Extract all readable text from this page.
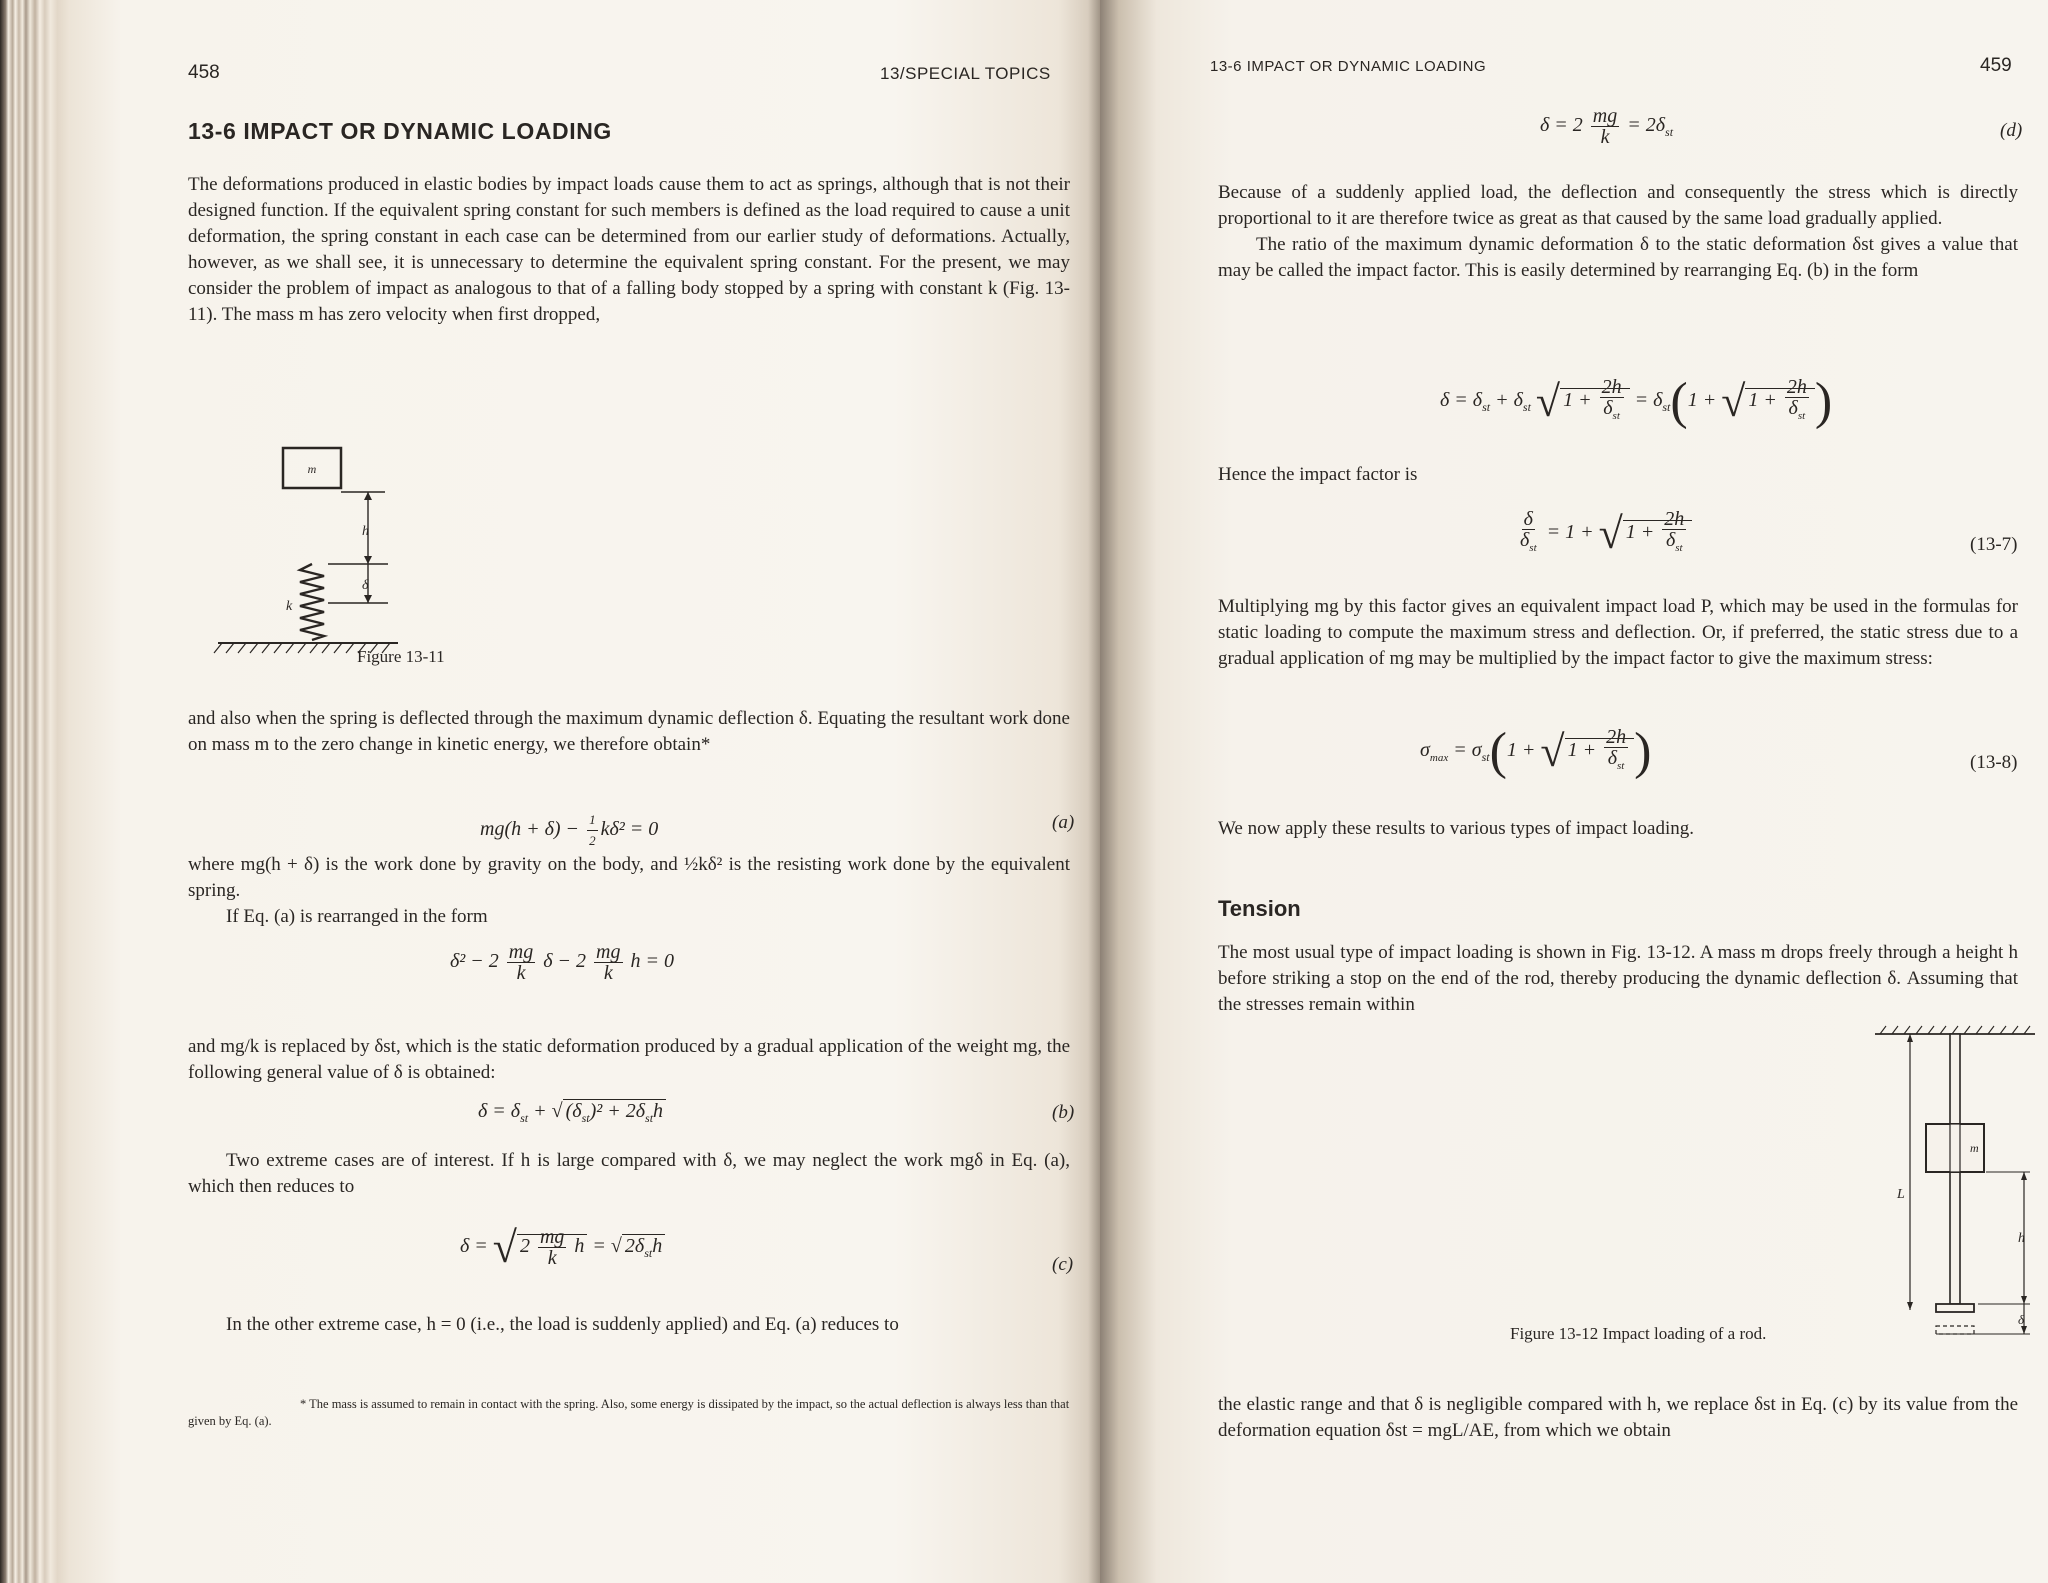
458	13/SPECIAL TOPICS
13-6 IMPACT OR DYNAMIC LOADING

The deformations produced in elastic bodies by impact loads cause them to act as springs, although that is not their designed function. If the equivalent spring constant for such members is defined as the load required to cause a unit deformation, the spring constant in each case can be determined from our earlier study of deformations. Actually, however, as we shall see, it is unnecessary to determine the equivalent spring constant. For the present, we may consider the problem of impact as analogous to that of a falling body stopped by a spring with constant k (Fig. 13-11). The mass m has zero velocity when first dropped,

m
h
δ
k
Figure 13-11

and also when the spring is deflected through the maximum dynamic deflection δ. Equating the resultant work done on mass m to the zero change in kinetic energy, we therefore obtain*

$mg(h + \delta) - \frac{1}{2} k\delta^2 = 0$	(a)

where mg(h + δ) is the work done by gravity on the body, and ½kδ² is the resisting work done by the equivalent spring.

If Eq. (a) is rearranged in the form

$\delta^2 - 2 \frac{mg}{k}$ $\delta - 2 \frac{mg}{k}$ h = 0

and mg/k is replaced by δst, which is the static deformation produced by a gradual application of the weight mg, the following general value of δ is obtained:

$\delta = \delta_{st}$ + √ $(\delta_{st})^2 + 2\delta_{st}h$	(b)

Two extreme cases are of interest. If h is large compared with δ, we may neglect the work mgδ in Eq. (a), which then reduces to

δ = √ $2 \frac{mg}{k}$ h = √ $2\delta_{st}h$
(c)

In the other extreme case, h = 0 (i.e., the load is suddenly applied) and Eq. (a) reduces to

* The mass is assumed to remain in contact with the spring. Also, some energy is dissipated by the impact, so the actual deflection is always less than that given by Eq. (a).
13-6 IMPACT OR DYNAMIC LOADING	459
$\delta = 2 \frac{mg}{k} = 2\delta_{st}$	(d)

Because of a suddenly applied load, the deflection and consequently the stress which is directly proportional to it are therefore twice as great as that caused by the same load gradually applied.

The ratio of the maximum dynamic deformation δ to the static deformation δst gives a value that may be called the impact factor. This is easily determined by rearranging Eq. (b) in the form

$\delta = \delta_{st} + \delta_{st}$ √ $1 + \frac{2h}{\delta_{st}} = \delta_{st}(1$ + √ $1 + \frac{2h}{\delta_{st}}$ )

Hence the impact factor is

$\frac{\delta}{\delta_{st}} = 1$ + √ $1 + \frac{2h}{\delta_{st}}$	(13-7)

Multiplying mg by this factor gives an equivalent impact load P, which may be used in the formulas for static loading to compute the maximum stress and deflection. Or, if preferred, the static stress due to a gradual application of mg may be multiplied by the impact factor to give the maximum stress:

$\sigma_{max} = \sigma_{st}(1$ + √ $1 + \frac{2h}{\delta_{st}}$ )	(13-8)

We now apply these results to various types of impact loading.

Tension

The most usual type of impact loading is shown in Fig. 13-12. A mass m drops freely through a height h before striking a stop on the end of the rod, thereby producing the dynamic deflection δ. Assuming that the stresses remain within

m
L
h
δ
Figure 13-12 Impact loading of a rod.

the elastic range and that δ is negligible compared with h, we replace δst in Eq. (c) by its value from the deformation equation δst = mgL/AE, from which we obtain
